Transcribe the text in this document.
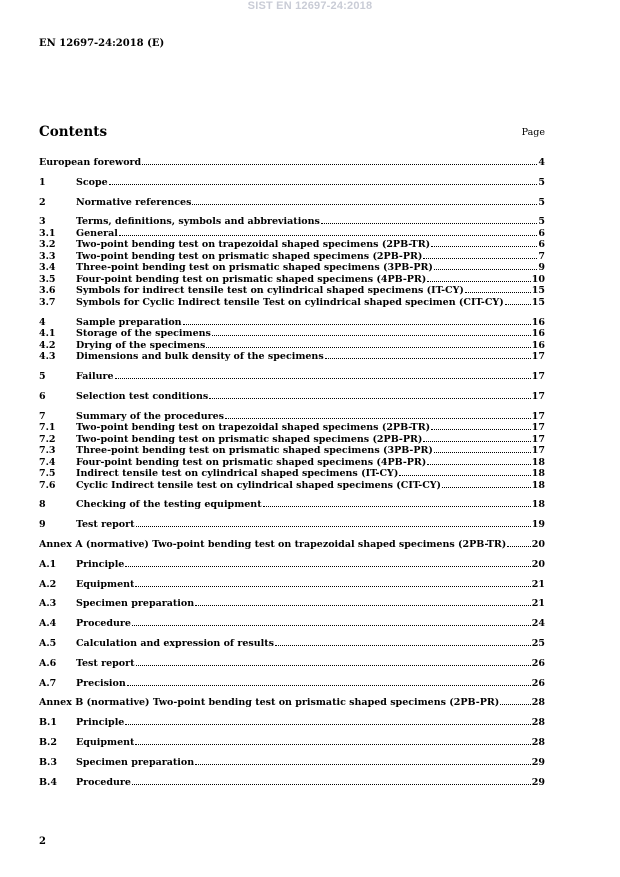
SIST EN 12697-24:2018
EN 12697-24:2018 (E)
Contents	Page
European foreword	4
1	Scope	5
2	Normative references	5
3	Terms, definitions, symbols and abbreviations	5
3.1	General	6
3.2	Two-point bending test on trapezoidal shaped specimens (2PB-TR)	6
3.3	Two-point bending test on prismatic shaped specimens (2PB-PR)	7
3.4	Three-point bending test on prismatic shaped specimens (3PB-PR)	9
3.5	Four-point bending test on prismatic shaped specimens (4PB-PR)	10
3.6	Symbols for indirect tensile test on cylindrical shaped specimens (IT-CY)	15
3.7	Symbols for Cyclic Indirect tensile Test on cylindrical shaped specimen (CIT-CY)	15
4	Sample preparation	16
4.1	Storage of the specimens	16
4.2	Drying of the specimens	16
4.3	Dimensions and bulk density of the specimens	17
5	Failure	17
6	Selection test conditions	17
7	Summary of the procedures	17
7.1	Two-point bending test on trapezoidal shaped specimens (2PB-TR)	17
7.2	Two-point bending test on prismatic shaped specimens (2PB-PR)	17
7.3	Three-point bending test on prismatic shaped specimens (3PB-PR)	17
7.4	Four-point bending test on prismatic shaped specimens (4PB-PR)	18
7.5	Indirect tensile test on cylindrical shaped specimens (IT-CY)	18
7.6	Cyclic Indirect tensile test on cylindrical shaped specimens (CIT-CY)	18
8	Checking of the testing equipment	18
9	Test report	19
Annex A (normative) Two-point bending test on trapezoidal shaped specimens (2PB-TR)	20
A.1	Principle	20
A.2	Equipment	21
A.3	Specimen preparation	21
A.4	Procedure	24
A.5	Calculation and expression of results	25
A.6	Test report	26
A.7	Precision	26
Annex B (normative) Two-point bending test on prismatic shaped specimens (2PB-PR)	28
B.1	Principle	28
B.2	Equipment	28
B.3	Specimen preparation	29
B.4	Procedure	29
2
